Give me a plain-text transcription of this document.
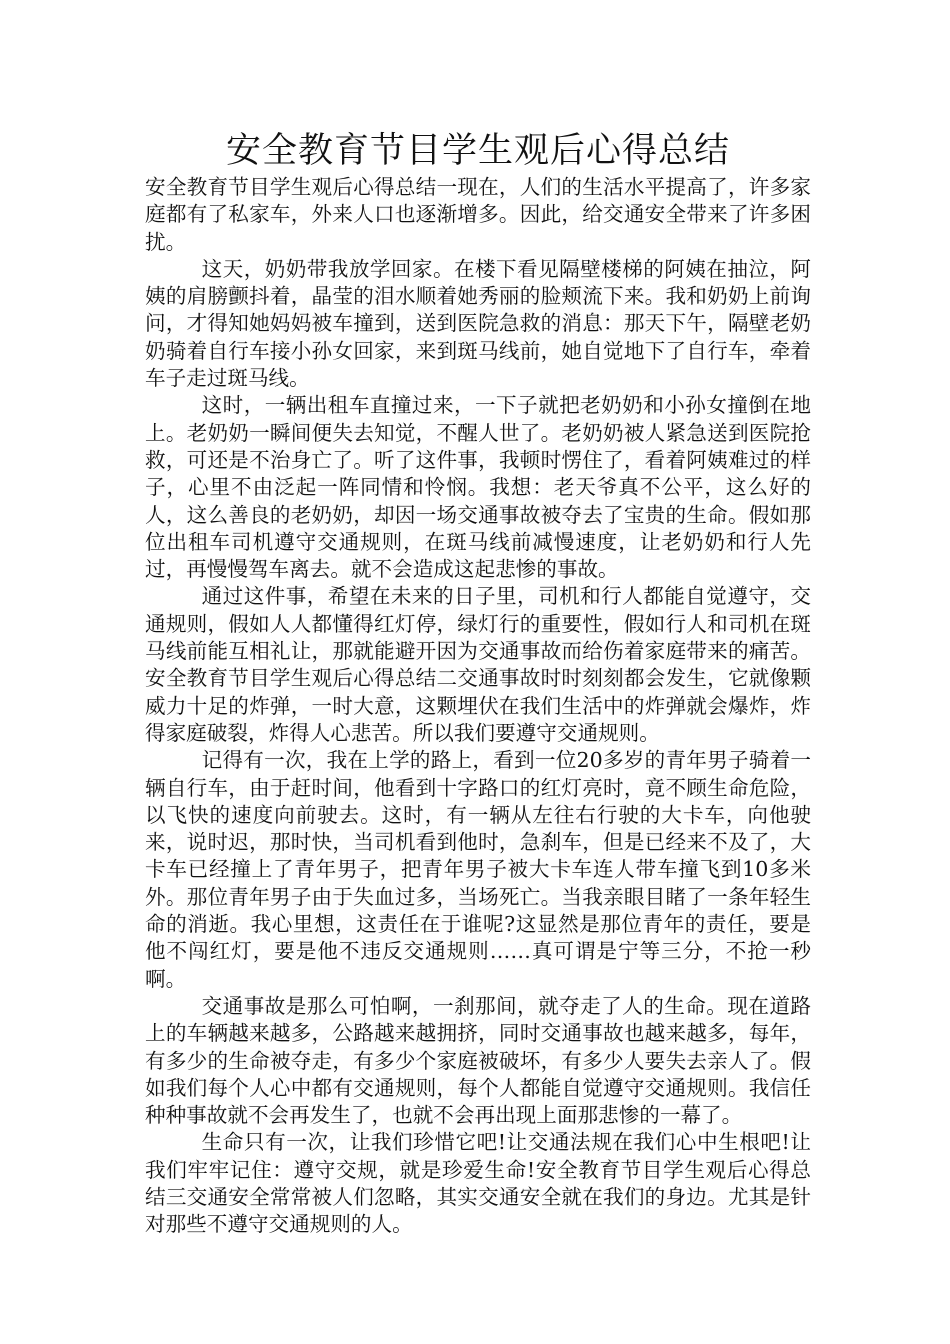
安全教育节目学生观后心得总结

安全教育节目学生观后心得总结一现在，人们的生活水平提高了，许多家庭都有了私家车，外来人口也逐渐增多。因此，给交通安全带来了许多困扰。

这天，奶奶带我放学回家。在楼下看见隔壁楼梯的阿姨在抽泣，阿姨的肩膀颤抖着，晶莹的泪水顺着她秀丽的脸颊流下来。我和奶奶上前询问，才得知她妈妈被车撞到，送到医院急救的消息：那天下午，隔壁老奶奶骑着自行车接小孙女回家，来到斑马线前，她自觉地下了自行车，牵着车子走过斑马线。

这时，一辆出租车直撞过来，一下子就把老奶奶和小孙女撞倒在地上。老奶奶一瞬间便失去知觉，不醒人世了。老奶奶被人紧急送到医院抢救，可还是不治身亡了。听了这件事，我顿时愣住了，看着阿姨难过的样子，心里不由泛起一阵同情和怜悯。我想：老天爷真不公平，这么好的人，这么善良的老奶奶，却因一场交通事故被夺去了宝贵的生命。假如那位出租车司机遵守交通规则，在斑马线前减慢速度，让老奶奶和行人先过，再慢慢驾车离去。就不会造成这起悲惨的事故。

通过这件事，希望在未来的日子里，司机和行人都能自觉遵守，交通规则，假如人人都懂得红灯停，绿灯行的重要性，假如行人和司机在斑马线前能互相礼让，那就能避开因为交通事故而给伤着家庭带来的痛苦。安全教育节目学生观后心得总结二交通事故时时刻刻都会发生，它就像颗威力十足的炸弹，一时大意，这颗埋伏在我们生活中的炸弹就会爆炸，炸得家庭破裂，炸得人心悲苦。所以我们要遵守交通规则。

记得有一次，我在上学的路上，看到一位20多岁的青年男子骑着一辆自行车，由于赶时间，他看到十字路口的红灯亮时，竟不顾生命危险，以飞快的速度向前驶去。这时，有一辆从左往右行驶的大卡车，向他驶来，说时迟，那时快，当司机看到他时，急刹车，但是已经来不及了，大卡车已经撞上了青年男子，把青年男子被大卡车连人带车撞飞到10多米外。那位青年男子由于失血过多，当场死亡。当我亲眼目睹了一条年轻生命的消逝。我心里想，这责任在于谁呢?这显然是那位青年的责任，要是他不闯红灯，要是他不违反交通规则……真可谓是宁等三分，不抢一秒啊。

交通事故是那么可怕啊，一刹那间，就夺走了人的生命。现在道路上的车辆越来越多，公路越来越拥挤，同时交通事故也越来越多，每年，有多少的生命被夺走，有多少个家庭被破坏，有多少人要失去亲人了。假如我们每个人心中都有交通规则，每个人都能自觉遵守交通规则。我信任种种事故就不会再发生了，也就不会再出现上面那悲惨的一幕了。

生命只有一次，让我们珍惜它吧!让交通法规在我们心中生根吧!让我们牢牢记住：遵守交规，就是珍爱生命!安全教育节目学生观后心得总结三交通安全常常被人们忽略，其实交通安全就在我们的身边。尤其是针对那些不遵守交通规则的人。
